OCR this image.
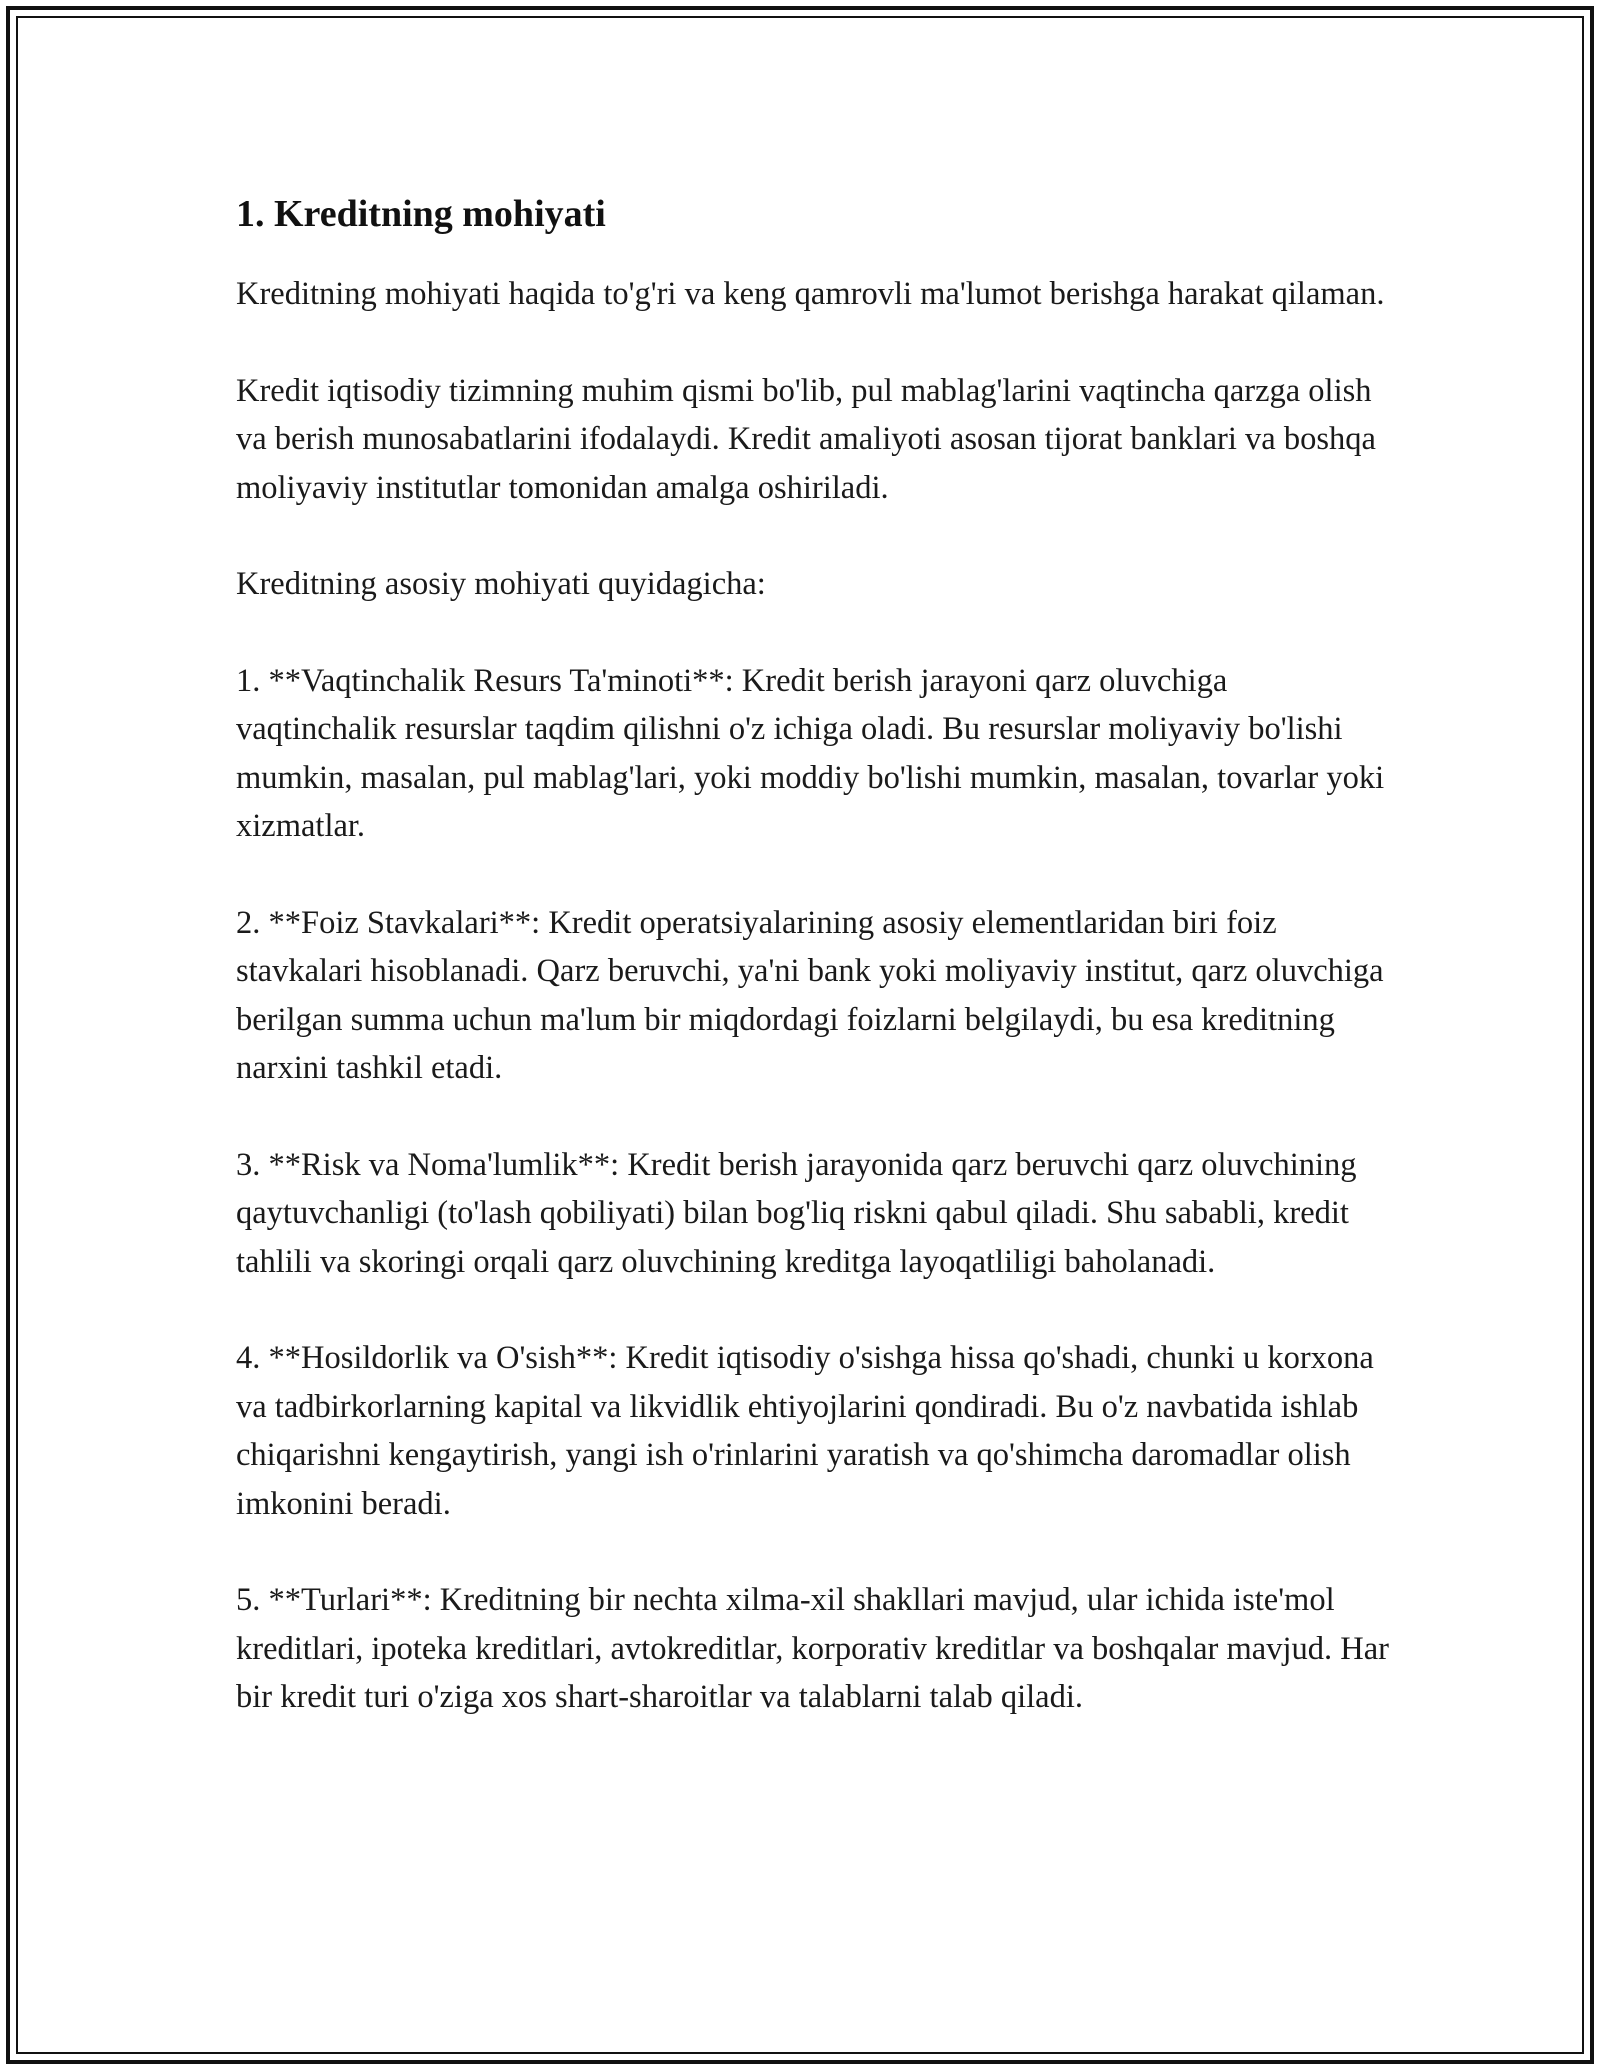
1. Kreditning mohiyati

Kreditning mohiyati haqida to'g'ri va keng qamrovli ma'lumot berishga harakat qilaman.

Kredit iqtisodiy tizimning muhim qismi bo'lib, pul mablag'larini vaqtincha qarzga olish va berish munosabatlarini ifodalaydi. Kredit amaliyoti asosan tijorat banklari va boshqa moliyaviy institutlar tomonidan amalga oshiriladi.

Kreditning asosiy mohiyati quyidagicha:

1. **Vaqtinchalik Resurs Ta'minoti**: Kredit berish jarayoni qarz oluvchiga vaqtinchalik resurslar taqdim qilishni o'z ichiga oladi. Bu resurslar moliyaviy bo'lishi mumkin, masalan, pul mablag'lari, yoki moddiy bo'lishi mumkin, masalan, tovarlar yoki xizmatlar.

2. **Foiz Stavkalari**: Kredit operatsiyalarining asosiy elementlaridan biri foiz stavkalari hisoblanadi. Qarz beruvchi, ya'ni bank yoki moliyaviy institut, qarz oluvchiga berilgan summa uchun ma'lum bir miqdordagi foizlarni belgilaydi, bu esa kreditning narxini tashkil etadi.

3. **Risk va Noma'lumlik**: Kredit berish jarayonida qarz beruvchi qarz oluvchining qaytuvchanligi (to'lash qobiliyati) bilan bog'liq riskni qabul qiladi. Shu sababli, kredit tahlili va skoringi orqali qarz oluvchining kreditga layoqatliligi baholanadi.

4. **Hosildorlik va O'sish**: Kredit iqtisodiy o'sishga hissa qo'shadi, chunki u korxona va tadbirkorlarning kapital va likvidlik ehtiyojlarini qondiradi. Bu o'z navbatida ishlab chiqarishni kengaytirish, yangi ish o'rinlarini yaratish va qo'shimcha daromadlar olish imkonini beradi.

5. **Turlari**: Kreditning bir nechta xilma-xil shakllari mavjud, ular ichida iste'mol kreditlari, ipoteka kreditlari, avtokreditlar, korporativ kreditlar va boshqalar mavjud. Har bir kredit turi o'ziga xos shart-sharoitlar va talablarni talab qiladi.
